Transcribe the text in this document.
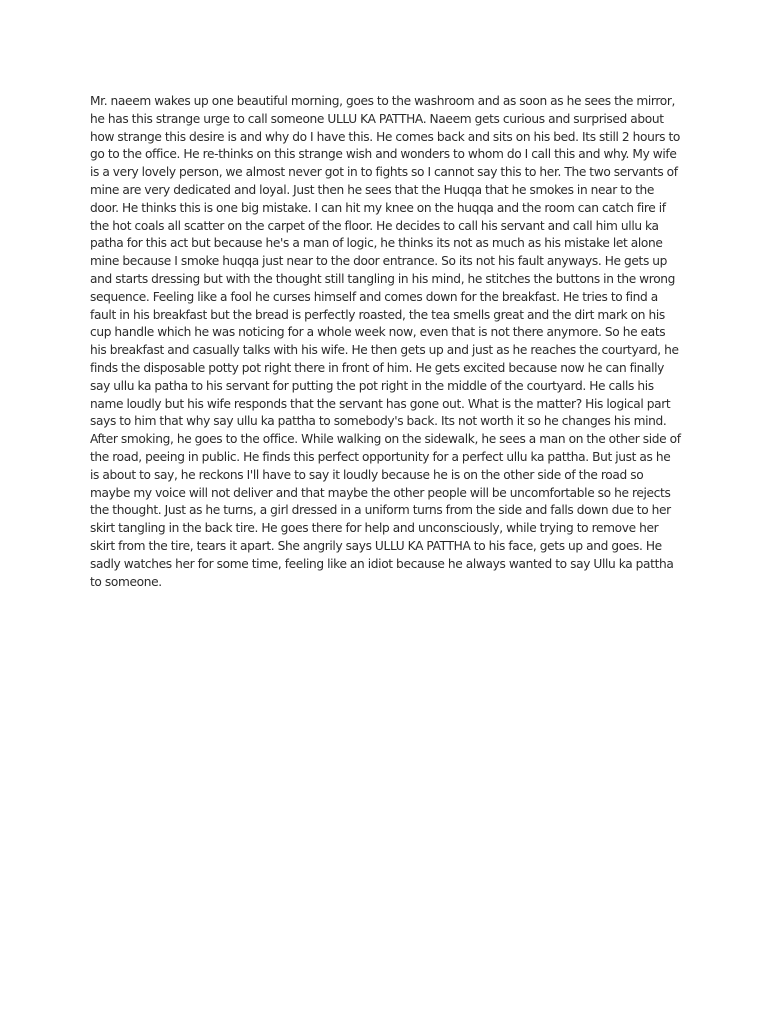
Mr. naeem wakes up one beautiful morning, goes to the washroom and as soon as he sees the mirror, he has this strange urge to call someone ULLU KA PATTHA. Naeem gets curious and surprised about how strange this desire is and why do I have this. He comes back and sits on his bed. Its still 2 hours to go to the office. He re-thinks on this strange wish and wonders to whom do I call this and why. My wife is a very lovely person, we almost never got in to fights so I cannot say this to her. The two servants of mine are very dedicated and loyal. Just then he sees that the Huqqa that he smokes in near to the door. He thinks this is one big mistake. I can hit my knee on the huqqa and the room can catch fire if the hot coals all scatter on the carpet of the floor. He decides to call his servant and call him ullu ka patha for this act but because he's a man of logic, he thinks its not as much as his mistake let alone mine because I smoke huqqa just near to the door entrance. So its not his fault anyways. He gets up and starts dressing but with the thought still tangling in his mind, he stitches the buttons in the wrong sequence. Feeling like a fool he curses himself and comes down for the breakfast. He tries to find a fault in his breakfast but the bread is perfectly roasted, the tea smells great and the dirt mark on his cup handle which he was noticing for a whole week now, even that is not there anymore. So he eats his breakfast and casually talks with his wife. He then gets up and just as he reaches the courtyard, he finds the disposable potty pot right there in front of him. He gets excited because now he can finally say ullu ka patha to his servant for putting the pot right in the middle of the courtyard. He calls his name loudly but his wife responds that the servant has gone out. What is the matter? His logical part says to him that why say ullu ka pattha to somebody's back. Its not worth it so he changes his mind. After smoking, he goes to the office. While walking on the sidewalk, he sees a man on the other side of the road, peeing in public. He finds this perfect opportunity for a perfect ullu ka pattha. But just as he is about to say, he reckons I'll have to say it loudly because he is on the other side of the road so maybe my voice will not deliver and that maybe the other people will be uncomfortable so he rejects the thought. Just as he turns, a girl dressed in a uniform turns from the side and falls down due to her skirt tangling in the back tire. He goes there for help and unconsciously, while trying to remove her skirt from the tire, tears it apart. She angrily says ULLU KA PATTHA to his face, gets up and goes. He sadly watches her for some time, feeling like an idiot because he always wanted to say Ullu ka pattha to someone.
